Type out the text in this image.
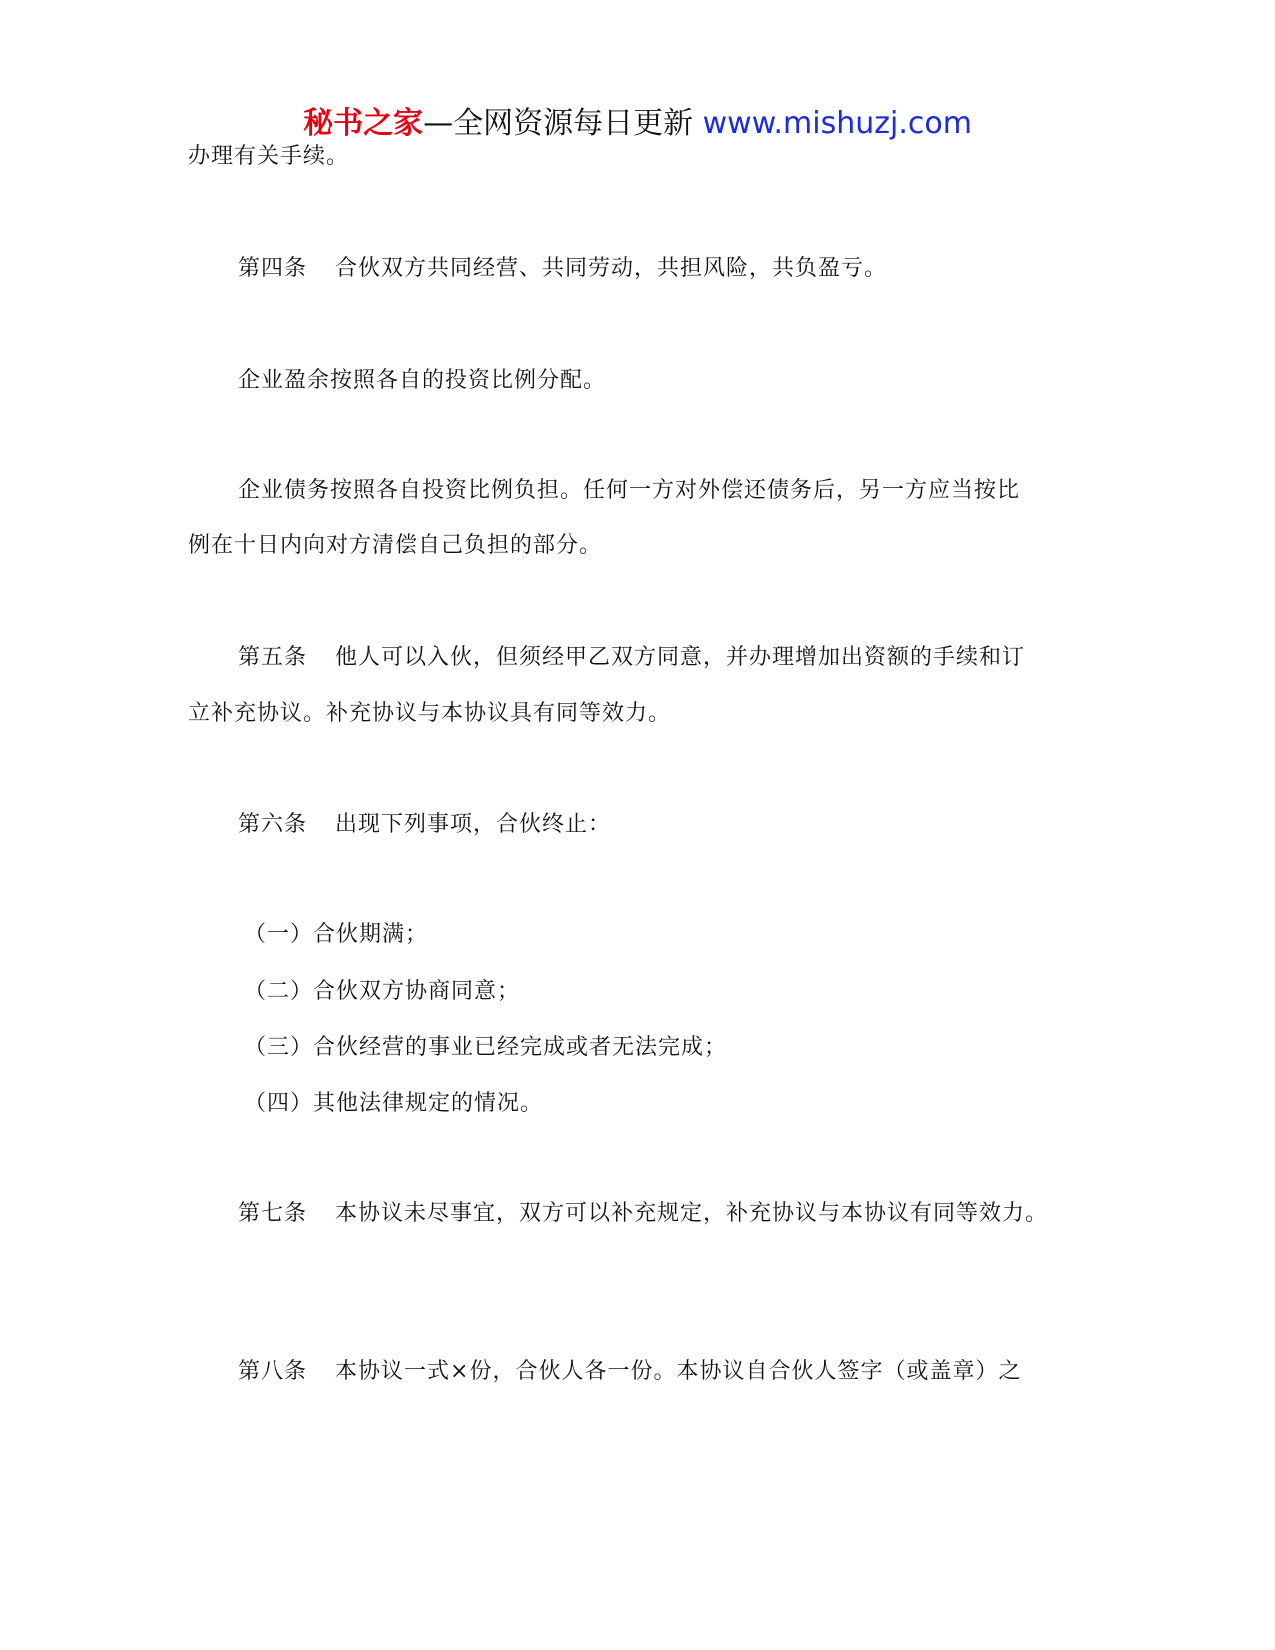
秘书之家—全网资源每日更新 www.mishuzj.com
办理有关手续。
第四条 合伙双方共同经营、共同劳动，共担风险，共负盈亏。
企业盈余按照各自的投资比例分配。
企业债务按照各自投资比例负担。任何一方对外偿还债务后，另一方应当按比
例在十日内向对方清偿自己负担的部分。
第五条 他人可以入伙，但须经甲乙双方同意，并办理增加出资额的手续和订
立补充协议。补充协议与本协议具有同等效力。
第六条 出现下列事项，合伙终止：
（一）合伙期满；
（二）合伙双方协商同意；
（三）合伙经营的事业已经完成或者无法完成；
（四）其他法律规定的情况。
第七条 本协议未尽事宜，双方可以补充规定，补充协议与本协议有同等效力。
第八条 本协议一式×份，合伙人各一份。本协议自合伙人签字（或盖章）之
